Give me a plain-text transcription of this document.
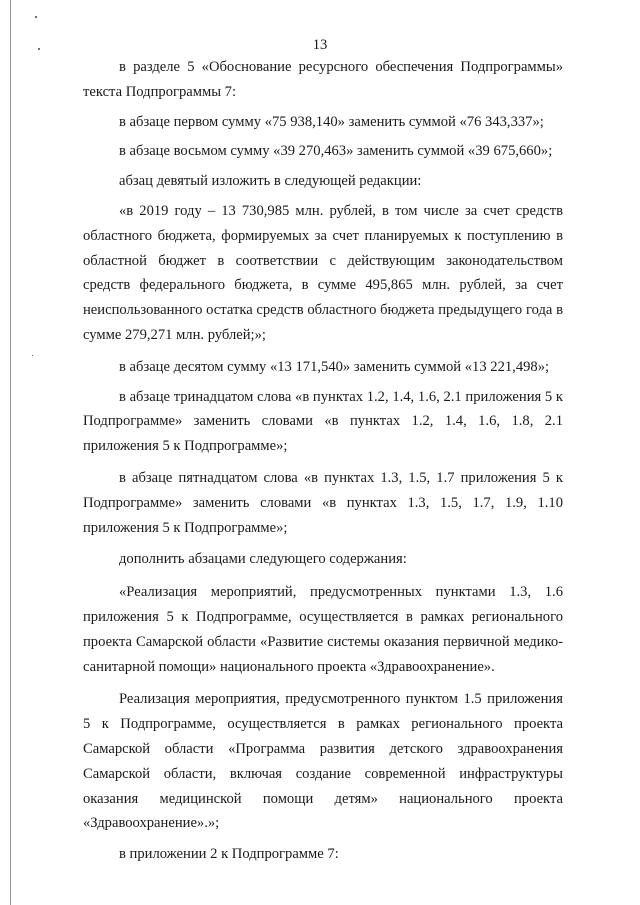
13

в разделе 5 «Обоснование ресурсного обеспечения Подпрограммы» текста Подпрограммы 7:

в абзаце первом сумму «75 938,140» заменить суммой «76 343,337»;

в абзаце восьмом сумму «39 270,463» заменить суммой «39 675,660»;

абзац девятый изложить в следующей редакции:

«в 2019 году – 13 730,985 млн. рублей, в том числе за счет средств областного бюджета, формируемых за счет планируемых к поступлению в областной бюджет в соответствии с действующим законодательством средств федерального бюджета, в сумме 495,865 млн. рублей, за счет неиспользованного остатка средств областного бюджета предыдущего года в сумме 279,271 млн. рублей;»;

в абзаце десятом сумму «13 171,540» заменить суммой «13 221,498»;

в абзаце тринадцатом слова «в пунктах 1.2, 1.4, 1.6, 2.1 приложения 5 к Подпрограмме» заменить словами «в пунктах 1.2, 1.4, 1.6, 1.8, 2.1 приложения 5 к Подпрограмме»;

в абзаце пятнадцатом слова «в пунктах 1.3, 1.5, 1.7 приложения 5 к Подпрограмме» заменить словами «в пунктах 1.3, 1.5, 1.7, 1.9, 1.10 приложения 5 к Подпрограмме»;

дополнить абзацами следующего содержания:

«Реализация мероприятий, предусмотренных пунктами 1.3, 1.6 приложения 5 к Подпрограмме, осуществляется в рамках регионального проекта Самарской области «Развитие системы оказания первичной медико-санитарной помощи» национального проекта «Здравоохранение».

Реализация мероприятия, предусмотренного пунктом 1.5 приложения 5 к Подпрограмме, осуществляется в рамках регионального проекта Самарской области «Программа развития детского здравоохранения Самарской области, включая создание современной инфраструктуры оказания медицинской помощи детям» национального проекта «Здравоохранение».»;

в приложении 2 к Подпрограмме 7:
